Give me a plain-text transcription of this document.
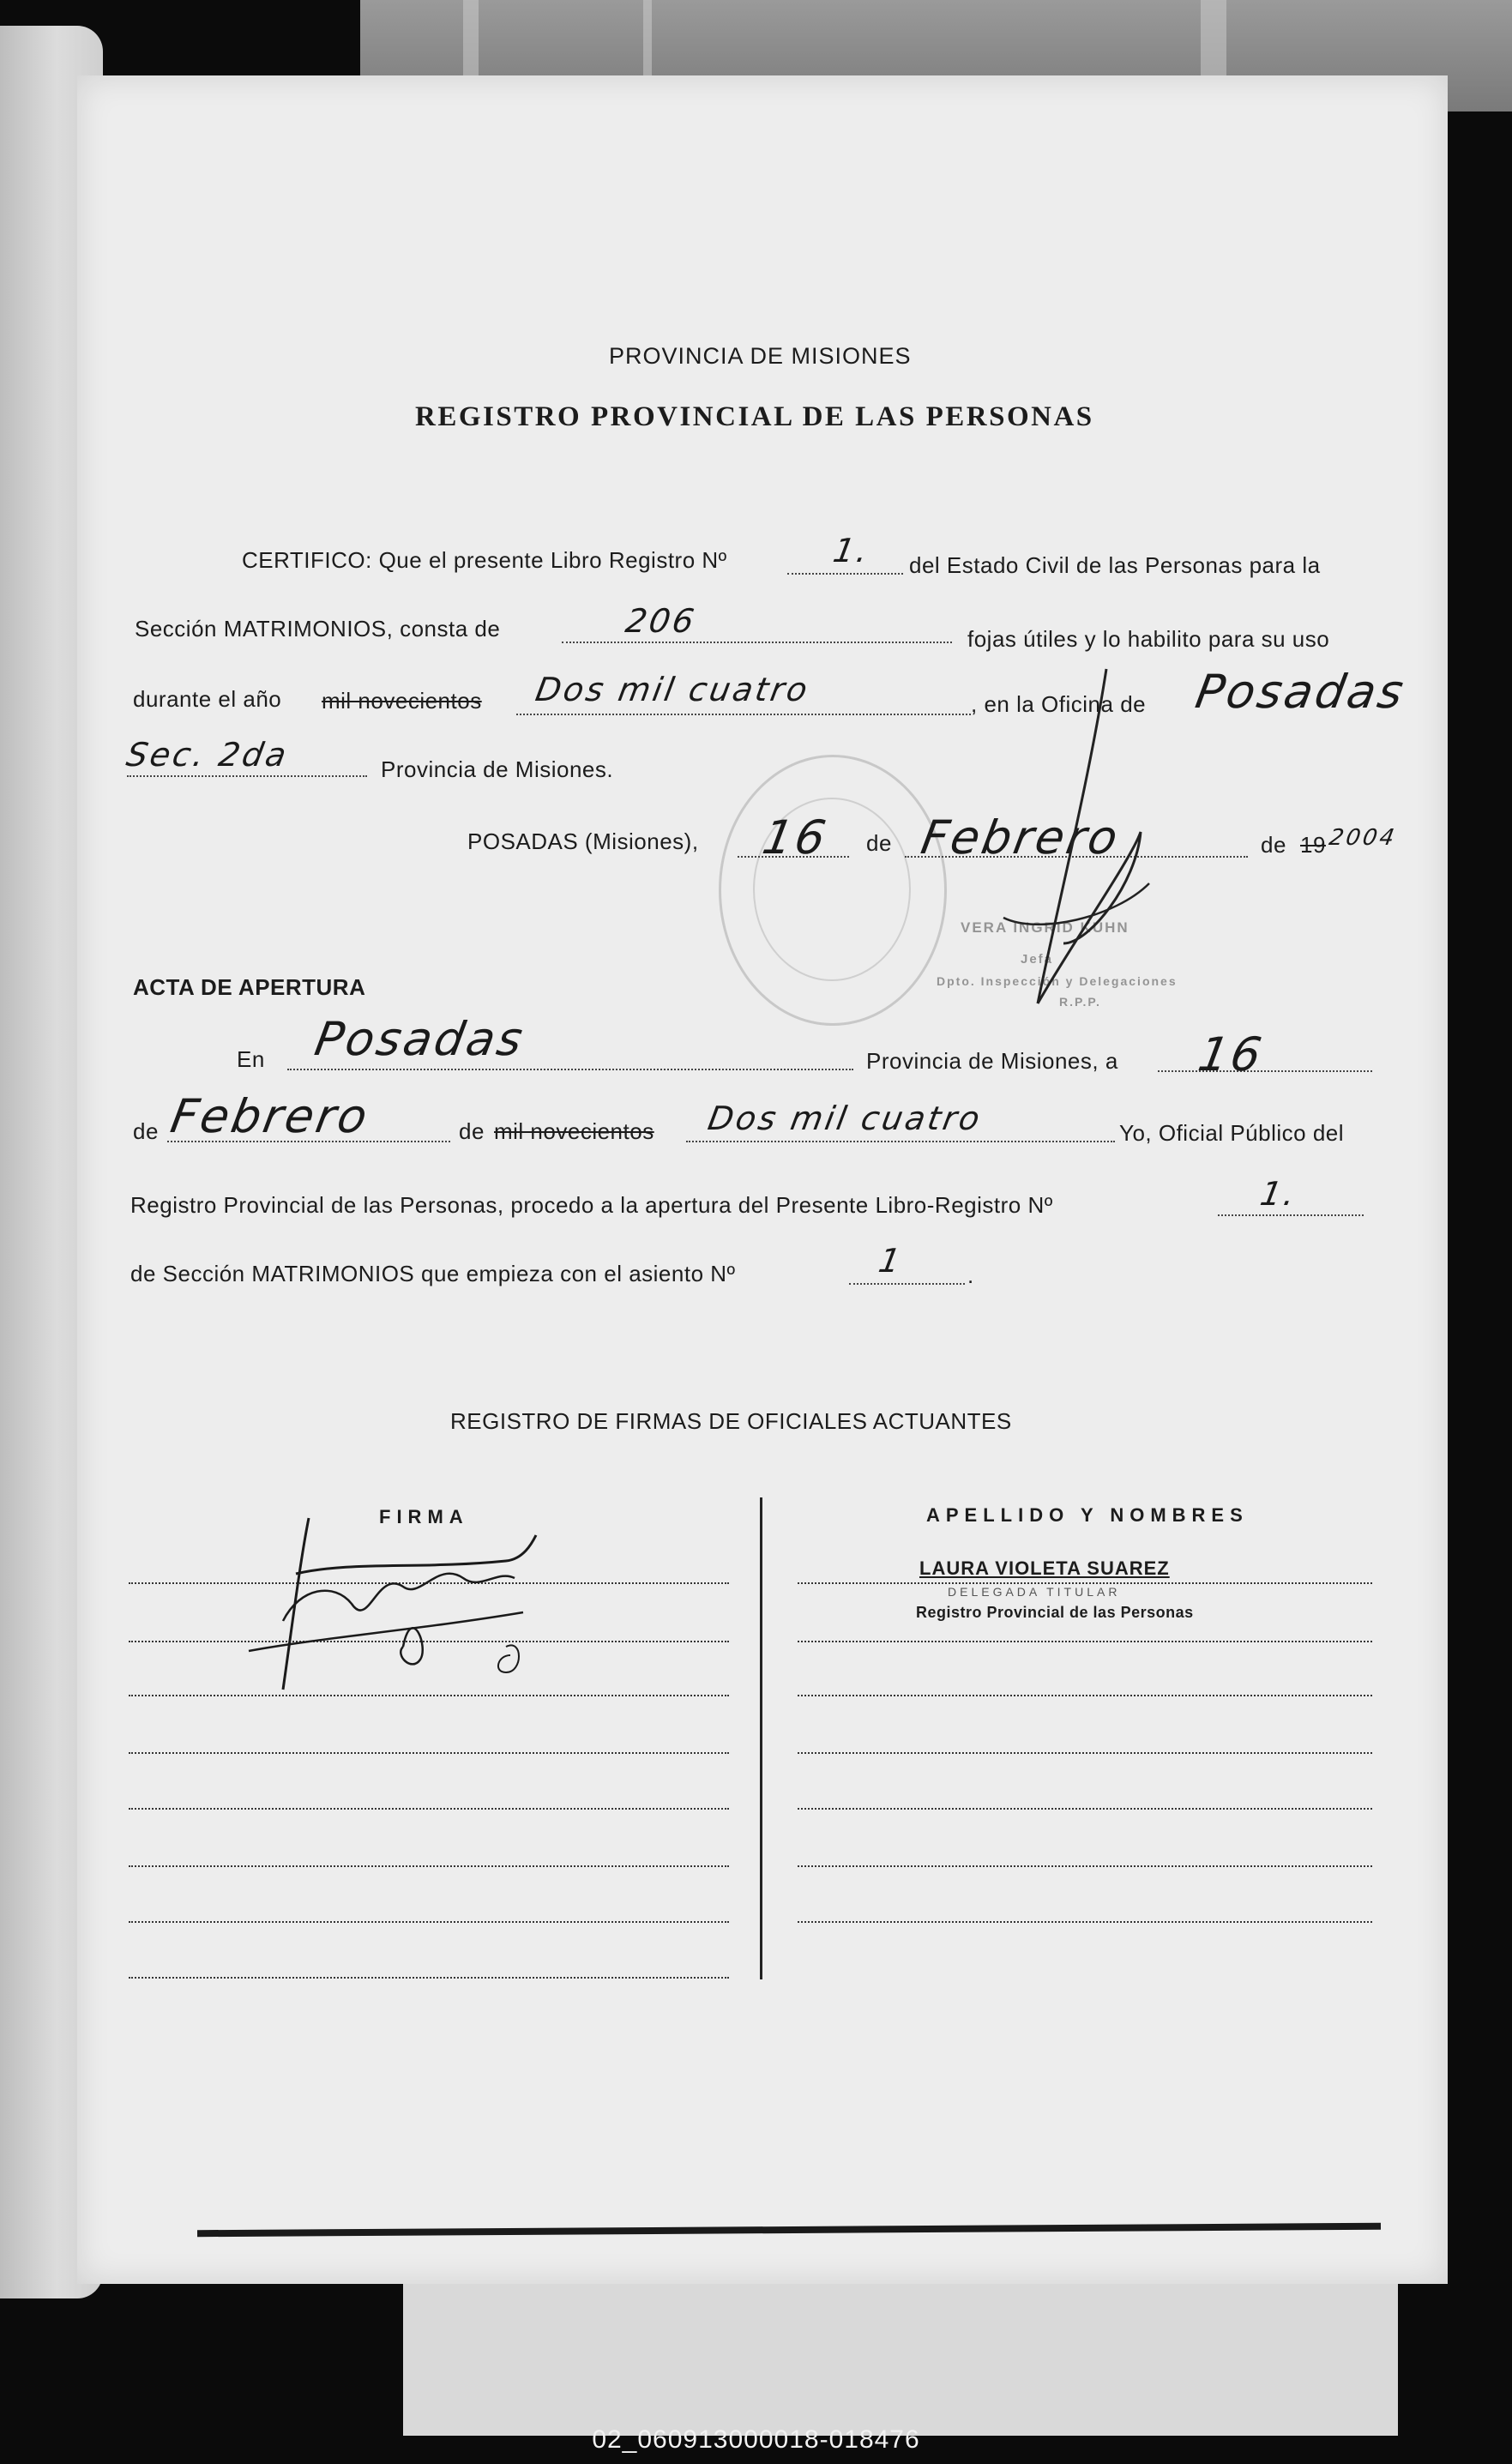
PROVINCIA DE MISIONES
REGISTRO PROVINCIAL DE LAS PERSONAS
VERA INGRID KUHN
Jefa
Dpto. Inspección y Delegaciones
R.P.P.
CERTIFICO: Que el presente Libro Registro Nº	1. del Estado Civil de las Personas para la
Sección MATRIMONIOS, consta de	206	fojas útiles y lo habilito para su uso
durante el año mil novecientos Dos mil cuatro	, en la Oficina de Posadas
Sec. 2da	Provincia de Misiones.
POSADAS (Misiones), 16 de Febrero	de 19 2004
ACTA DE APERTURA
En Posadas	Provincia de Misiones, a 16
de Febrero	de mil novecientos Dos mil cuatro	Yo, Oficial Público del
Registro Provincial de las Personas, procedo a la apertura del Presente Libro-Registro Nº	1.
de Sección MATRIMONIOS que empieza con el asiento Nº	1	.
REGISTRO DE FIRMAS DE OFICIALES ACTUANTES
FIRMA	APELLIDO Y NOMBRES
LAURA VIOLETA SUAREZ
DELEGADA TITULAR
Registro Provincial de las Personas
02_060913000018-018476
